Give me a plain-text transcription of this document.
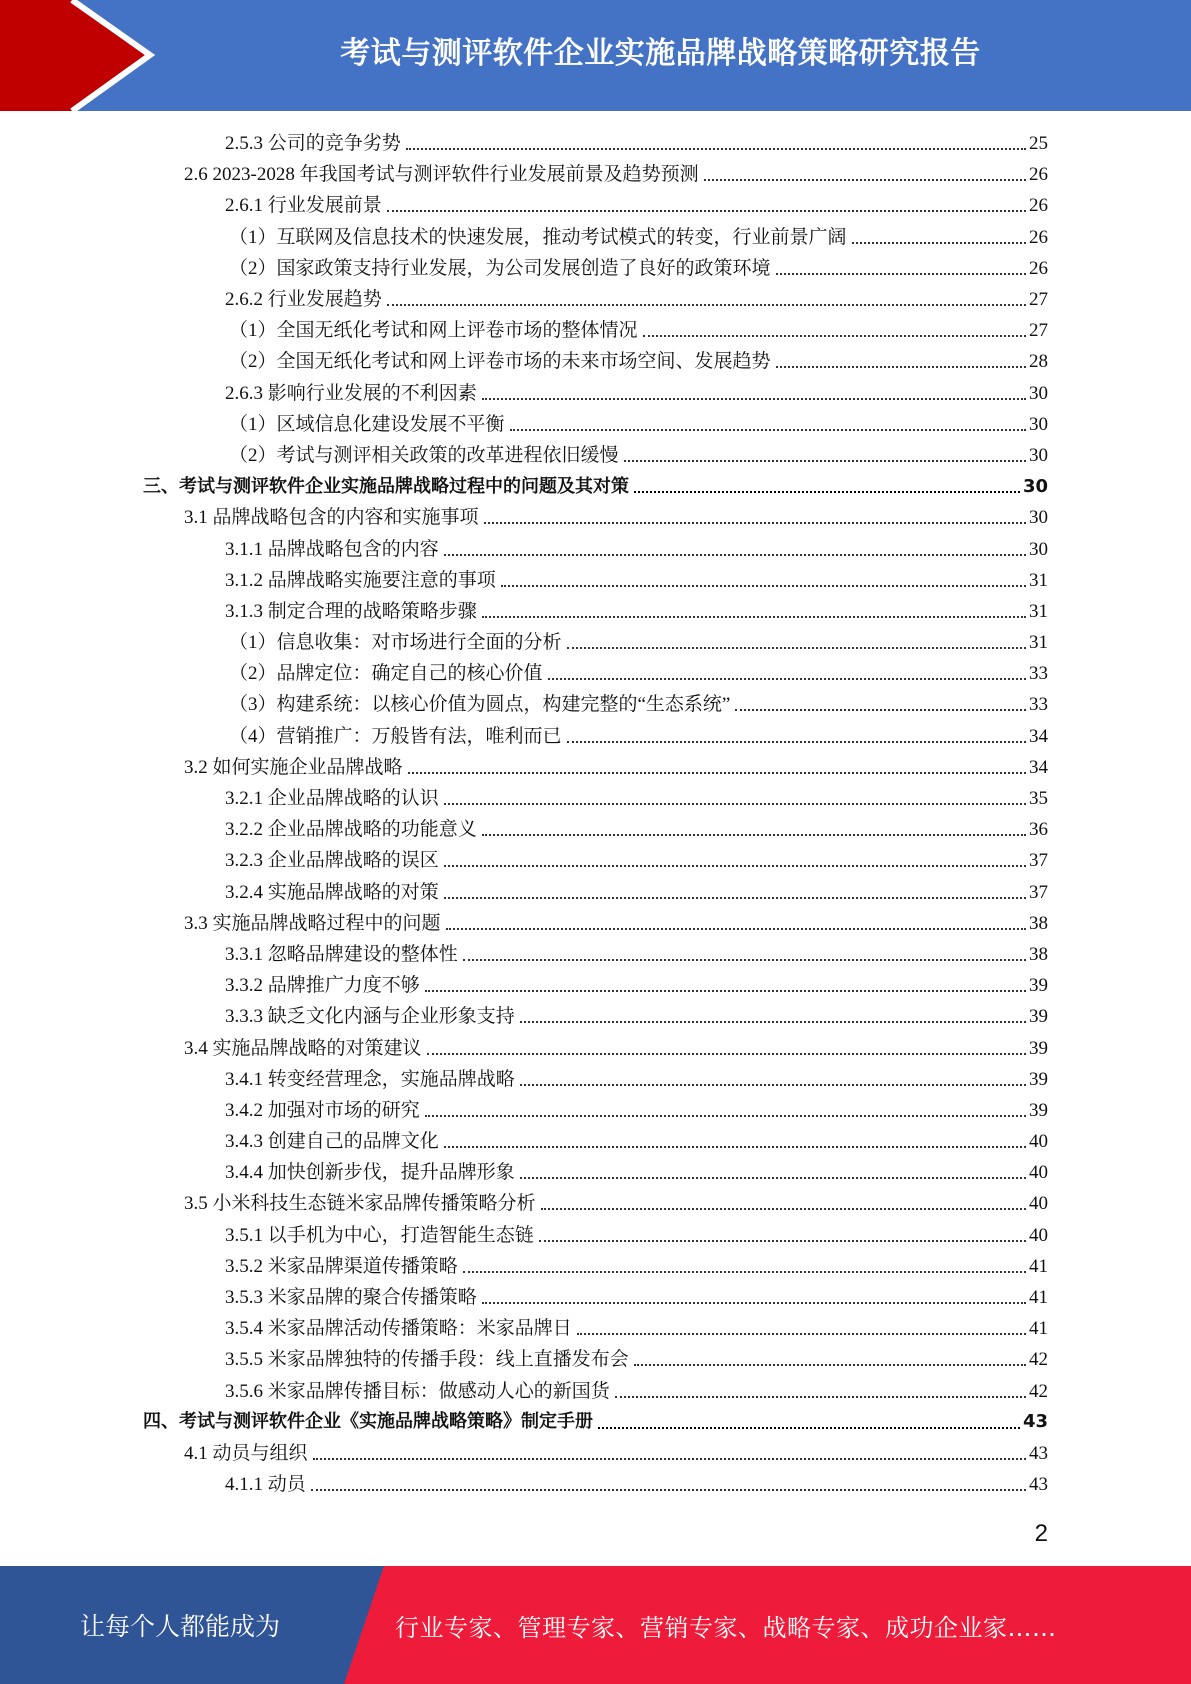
考试与测评软件企业实施品牌战略策略研究报告
2.5.3 公司的竞争劣势	25
2.6 2023-2028 年我国考试与测评软件行业发展前景及趋势预测	26
2.6.1 行业发展前景	26
（1）互联网及信息技术的快速发展，推动考试模式的转变，行业前景广阔	26
（2）国家政策支持行业发展，为公司发展创造了良好的政策环境	26
2.6.2 行业发展趋势	27
（1）全国无纸化考试和网上评卷市场的整体情况	27
（2）全国无纸化考试和网上评卷市场的未来市场空间、发展趋势	28
2.6.3 影响行业发展的不利因素	30
（1）区域信息化建设发展不平衡	30
（2）考试与测评相关政策的改革进程依旧缓慢	30
三、考试与测评软件企业实施品牌战略过程中的问题及其对策	30
3.1 品牌战略包含的内容和实施事项	30
3.1.1 品牌战略包含的内容	30
3.1.2 品牌战略实施要注意的事项	31
3.1.3 制定合理的战略策略步骤	31
（1）信息收集：对市场进行全面的分析	31
（2）品牌定位：确定自己的核心价值	33
（3）构建系统：以核心价值为圆点，构建完整的“生态系统”	33
（4）营销推广：万般皆有法，唯利而已	34
3.2 如何实施企业品牌战略	34
3.2.1 企业品牌战略的认识	35
3.2.2 企业品牌战略的功能意义	36
3.2.3 企业品牌战略的误区	37
3.2.4 实施品牌战略的对策	37
3.3 实施品牌战略过程中的问题	38
3.3.1 忽略品牌建设的整体性	38
3.3.2 品牌推广力度不够	39
3.3.3 缺乏文化内涵与企业形象支持	39
3.4 实施品牌战略的对策建议	39
3.4.1 转变经营理念，实施品牌战略	39
3.4.2 加强对市场的研究	39
3.4.3 创建自己的品牌文化	40
3.4.4 加快创新步伐，提升品牌形象	40
3.5 小米科技生态链米家品牌传播策略分析	40
3.5.1 以手机为中心，打造智能生态链	40
3.5.2 米家品牌渠道传播策略	41
3.5.3 米家品牌的聚合传播策略	41
3.5.4 米家品牌活动传播策略：米家品牌日	41
3.5.5 米家品牌独特的传播手段：线上直播发布会	42
3.5.6 米家品牌传播目标：做感动人心的新国货	42
四、考试与测评软件企业《实施品牌战略策略》制定手册	43
4.1 动员与组织	43
4.1.1 动员	43
2
让每个人都能成为	行业专家、管理专家、营销专家、战略专家、成功企业家……
